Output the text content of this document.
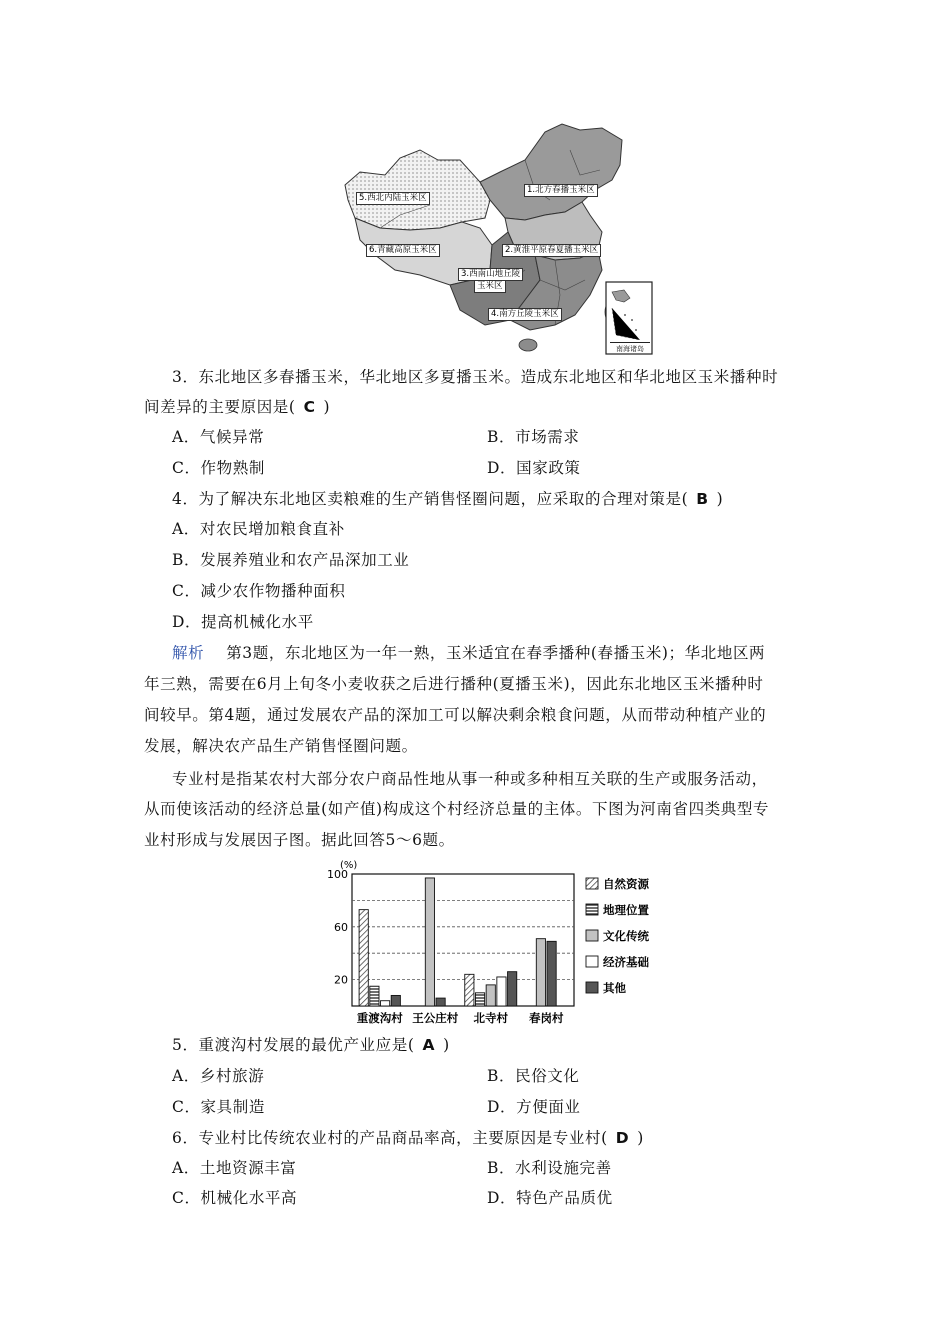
1.北方春播玉米区
2.黄淮平原春夏播玉米区
3.西南山地丘陵
玉米区
4.南方丘陵玉米区
5.西北内陆玉米区
6.青藏高原玉米区
南海诸岛
3．东北地区多春播玉米，华北地区多夏播玉米。造成东北地区和华北地区玉米播种时
间差异的主要原因是( C )
A．气候异常	B．市场需求
C．作物熟制	D．国家政策
4．为了解决东北地区卖粮难的生产销售怪圈问题，应采取的合理对策是( B )
A．对农民增加粮食直补
B．发展养殖业和农产品深加工业
C．减少农作物播种面积
D．提高机械化水平
解析 第3题，东北地区为一年一熟，玉米适宜在春季播种(春播玉米)；华北地区两
年三熟，需要在6月上旬冬小麦收获之后进行播种(夏播玉米)，因此东北地区玉米播种时
间较早。第4题，通过发展农产品的深加工可以解决剩余粮食问题，从而带动种植产业的
发展，解决农产品生产销售怪圈问题。
专业村是指某农村大部分农户商品性地从事一种或多种相互关联的生产或服务活动，
从而使该活动的经济总量(如产值)构成这个村经济总量的主体。下图为河南省四类典型专
业村形成与发展因子图。据此回答5～6题。
100
60
20
(%)
重渡沟村 王公庄村 北寺村 春岗村
自然资源
地理位置
文化传统
经济基础
其他
5．重渡沟村发展的最优产业应是( A )
A．乡村旅游	B．民俗文化
C．家具制造	D．方便面业
6．专业村比传统农业村的产品商品率高，主要原因是专业村( D )
A．土地资源丰富	B．水利设施完善
C．机械化水平高	D．特色产品质优
